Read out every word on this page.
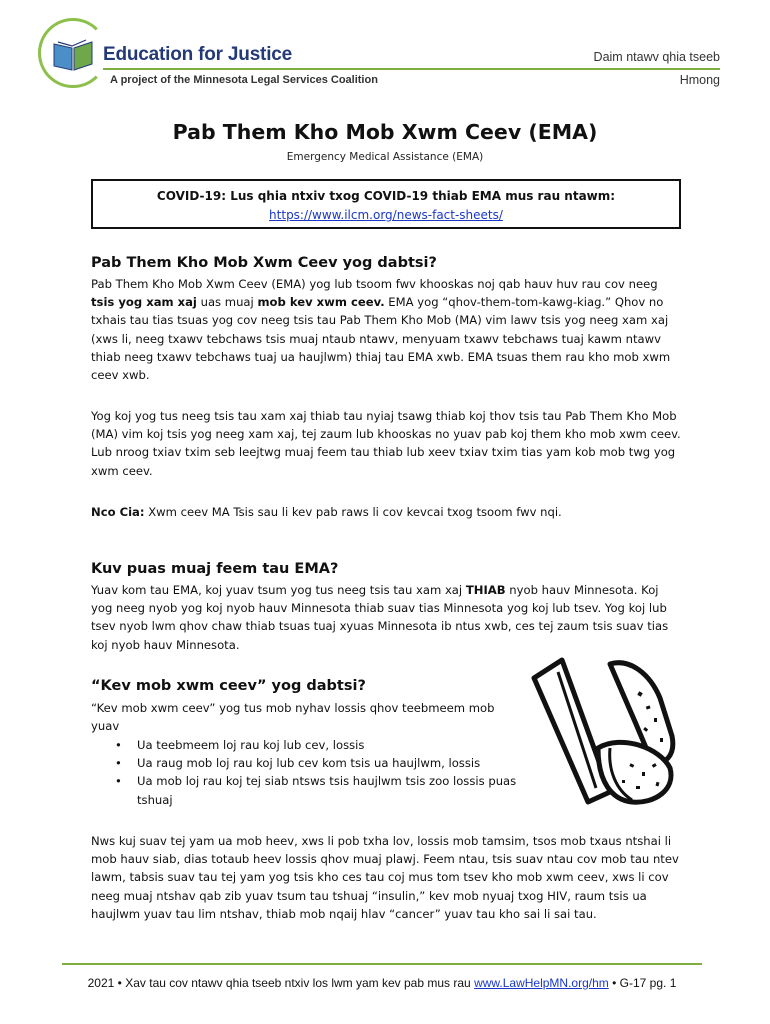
Education for Justice
A project of the Minnesota Legal Services Coalition
Daim ntawv qhia tseeb
Hmong
Pab Them Kho Mob Xwm Ceev (EMA)
Emergency Medical Assistance (EMA)
COVID-19: Lus qhia ntxiv txog COVID-19 thiab EMA mus rau ntawm:
https://www.ilcm.org/news-fact-sheets/
Pab Them Kho Mob Xwm Ceev yog dabtsi?
Pab Them Kho Mob Xwm Ceev (EMA) yog lub tsoom fwv khooskas noj qab hauv huv rau cov neeg tsis yog xam xaj uas muaj mob kev xwm ceev. EMA yog “qhov-them-tom-kawg-kiag.” Qhov no txhais tau tias tsuas yog cov neeg tsis tau Pab Them Kho Mob (MA) vim lawv tsis yog neeg xam xaj (xws li, neeg txawv tebchaws tsis muaj ntaub ntawv, menyuam txawv tebchaws tuaj kawm ntawv thiab neeg txawv tebchaws tuaj ua haujlwm) thiaj tau EMA xwb. EMA tsuas them rau kho mob xwm ceev xwb.
Yog koj yog tus neeg tsis tau xam xaj thiab tau nyiaj tsawg thiab koj thov tsis tau Pab Them Kho Mob (MA) vim koj tsis yog neeg xam xaj, tej zaum lub khooskas no yuav pab koj them kho mob xwm ceev. Lub nroog txiav txim seb leejtwg muaj feem tau thiab lub xeev txiav txim tias yam kob mob twg yog xwm ceev.
Nco Cia: Xwm ceev MA Tsis sau li kev pab raws li cov kevcai txog tsoom fwv nqi.
Kuv puas muaj feem tau EMA?
Yuav kom tau EMA, koj yuav tsum yog tus neeg tsis tau xam xaj THIAB nyob hauv Minnesota. Koj yog neeg nyob yog koj nyob hauv Minnesota thiab suav tias Minnesota yog koj lub tsev. Yog koj lub tsev nyob lwm qhov chaw thiab tsuas tuaj xyuas Minnesota ib ntus xwb, ces tej zaum tsis suav tias koj nyob hauv Minnesota.
“Kev mob xwm ceev” yog dabtsi?
“Kev mob xwm ceev” yog tus mob nyhav lossis qhov teebmeem mob yuav
• Ua teebmeem loj rau koj lub cev, lossis
• Ua raug mob loj rau koj lub cev kom tsis ua haujlwm, lossis
• Ua mob loj rau koj tej siab ntsws tsis haujlwm tsis zoo lossis puas tshuaj
Nws kuj suav tej yam ua mob heev, xws li pob txha lov, lossis mob tamsim, tsos mob txaus ntshai li mob hauv siab, dias totaub heev lossis qhov muaj plawj. Feem ntau, tsis suav ntau cov mob tau ntev lawm, tabsis suav tau tej yam yog tsis kho ces tau coj mus tom tsev kho mob xwm ceev, xws li cov neeg muaj ntshav qab zib yuav tsum tau tshuaj “insulin,” kev mob nyuaj txog HIV, raum tsis ua haujlwm yuav tau lim ntshav, thiab mob nqaij hlav “cancer” yuav tau kho sai li sai tau.
2021 • Xav tau cov ntawv qhia tseeb ntxiv los lwm yam kev pab mus rau www.LawHelpMN.org/hm • G-17 pg. 1
